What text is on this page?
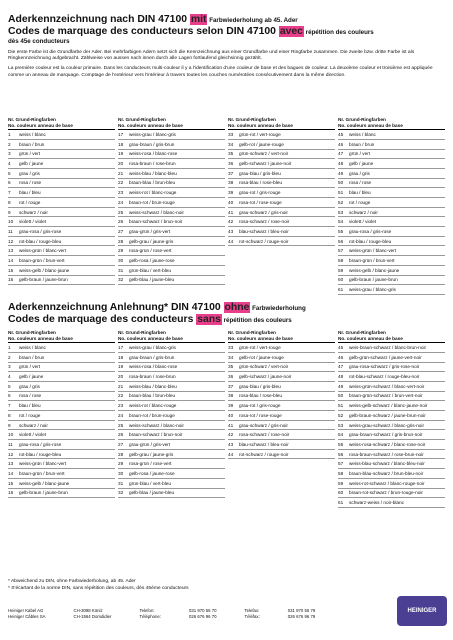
Aderkennzeichnung nach DIN 47100 mit Farbwiederholung ab 45. Ader
Codes de marquage des conducteurs selon DIN 47100 avec répétition des couleurs
dès 45e conducteurs
Die erste Farbe ist die Grundfarbe der Ader. Bei mehrfarbigen Adern setzt sich die Kennzeichnung aus einer Grundfarbe und einer Ringfarbe zusammen. Die zweite bzw. dritte Farbe ist als Ringkennzeichnung aufgebracht. Zählweise von aussen nach innen durch alle Lagen fortlaufend gleichsinnig gezählt.
La première couleur est la couleur primaire. Dans les conducteurs multi-couleur il y a l'identification d'une couleur de base et des bagues de couleur. La deuxième couleur et troisième est appliquée comme un anneau de marquage. Comptage de l'extérieur vers l'intérieur à travers toutes les couches numérotées consécutivement dans la même direction.
Nr. Grund-Ringfarben
No. couleurs anneau de base
1	weiss / blanc
2	braun / brun
3	grün / vert
4	gelb / jaune
5	grau / gris
6	rosa / rose
7	blau / bleu
8	rot / rouge
9	schwarz / noir
10	violett / violet
11	grau-rosa / gris-rose
12	rot-blau / rouge-bleu
13	weiss-grün / blanc-vert
14	braun-grün / brun-vert
15	weiss-gelb / blanc-jaune
16	gelb-braun / jaune-brun
Nr. Grund-Ringfarben
No. couleurs anneau de base
17	weiss-grau / blanc-gris
18	grau-braun / gris-brun
19	weiss-rosa / blanc-rose
20	rosa-braun / rose-brun
21	weiss-blau / blanc-bleu
22	braun-blau / brun-bleu
23	weiss-rot / blanc-rouge
24	braun-rot / brun-rouge
25	weiss-schwarz / blanc-noir
26	braun-schwarz / brun-noir
27	grau-grün / gris-vert
28	gelb-grau / jaune-gris
29	rosa-grün / rose-vert
30	gelb-rosa / jaune-rose
31	grün-blau / vert-bleu
32	gelb-blau / jaune-bleu
Nr. Grund-Ringfarben
No. couleurs anneau de base
33	grün-rot / vert-rouge
34	gelb-rot / jaune-rouge
35	grün-schwarz / vert-noir
36	gelb-schwarz / jaune-noir
37	grau-blau / gris-bleu
38	rosa-blau / rose-bleu
39	grau-rot / gris-rouge
40	rosa-rot / rose-rouge
41	grau-schwarz / gris-noir
42	rosa-schwarz / rose-noir
43	blau-schwarz / bleu-noir
44	rot-schwarz / rouge-noir
Nr. Grund-Ringfarben
No. couleurs anneau de base
45	weiss / blanc
46	braun / brun
47	grün / vert
48	gelb / jaune
49	grau / gris
50	rosa / rose
51	blau / bleu
52	rot / rouge
53	schwarz / noir
54	violett / violet
55	grau-rosa / gris-rose
56	rot-blau / rouge-bleu
57	weiss-grün / blanc-vert
58	braun-grün / brun-vert
59	weiss-gelb / blanc-jaune
60	gelb-braun / jaune-brun
61	weiss-grau / blanc-gris
Aderkennzeichnung Anlehnung* DIN 47100 ohne Farbwiederholung
Codes de marquage des conducteurs sans répétition des couleurs
Nr. Grund-Ringfarben
No. couleurs anneau de base
1	weiss / blanc
2	braun / brun
3	grün / vert
4	gelb / jaune
5	grau / gris
6	rosa / rose
7	blau / bleu
8	rot / rouge
9	schwarz / noir
10	violett / violet
11	grau-rosa / gris-rose
12	rot-blau / rouge-bleu
13	weiss-grün / blanc-vert
14	braun-grün / brun-vert
15	weiss-gelb / blanc-jaune
16	gelb-braun / jaune-brun
Nr. Grund-Ringfarben
No. couleurs anneau de base
17	weiss-grau / blanc-gris
18	grau-braun / gris-brun
19	weiss-rosa / blanc-rose
20	rosa-braun / rose-brun
21	weiss-blau / blanc-bleu
22	braun-blau / brun-bleu
23	weiss-rot / blanc-rouge
24	braun-rot / brun-rouge
25	weiss-schwarz / blanc-noir
26	braun-schwarz / brun-noir
27	grau-grün / gris-vert
28	gelb-grau / jaune-gris
29	rosa-grün / rose-vert
30	gelb-rosa / jaune-rose
31	grün-blau / vert-bleu
32	gelb-blau / jaune-bleu
Nr. Grund-Ringfarben
No. couleurs anneau de base
33	grün-rot / vert-rouge
34	gelb-rot / jaune-rouge
35	grün-schwarz / vert-noir
36	gelb-schwarz / jaune-noir
37	grau-blau / gris-bleu
38	rosa-blau / rose-bleu
39	grau-rot / gris-rouge
40	rosa-rot / rose-rouge
41	grau-schwarz / gris-noir
42	rosa-schwarz / rose-noir
43	blau-schwarz / bleu-noir
44	rot-schwarz / rouge-noir
Nr. Grund-Ringfarben
No. couleurs anneau de base
45	weis-braun-schwarz / blanc-brun-noir
46	gelb-grün-schwarz / jaune-vert-noir
47	grau-rosa-schwarz / gris-rose-noir
48	rot-blau-schwarz / rouge-bleu-noir
49	weiss-grün-schwarz / blanc-vert-noir
50	braun-grün-schwarz / brun-vert-noir
51	weiss-gelb-schwarz / blanc-jaune-noir
52	gelb-braun-schwarz / jaune-brun-noir
53	weiss-grau-schwarz / blanc-gris-noir
54	grau-braun-schwarz / gris-brun-noir
55	weiss-rosa-schwarz / blanc-rose-noir
56	rosa-braun-schwarz / rose-brun-noir
57	weiss-blau-schwarz / blanc-bleu-noir
58	braun-blau-schwarz / brun-bleu-noir
59	weiss-rot-schwarz / blanc-rouge-noir
60	braun-rot-schwarz / brun-rouge-noir
61	schwarz-weiss / noir-blanc
* Abweichend zu DIN, ohne Farbwiederholung, ab 45. Ader
* S'écartant de la norme DIN, sans répétition des couleurs, dès 45ème conducteurs
Heiniger Kabel AG
Heiniger Câbles SA
CH-3098 Köniz
CH-1564 Domdidier
Telefon:
Téléphone:
031 970 55 70
026 676 96 70
Telefax:
Téléfax:
031 970 55 79
026 676 96 79
HEINIGER
